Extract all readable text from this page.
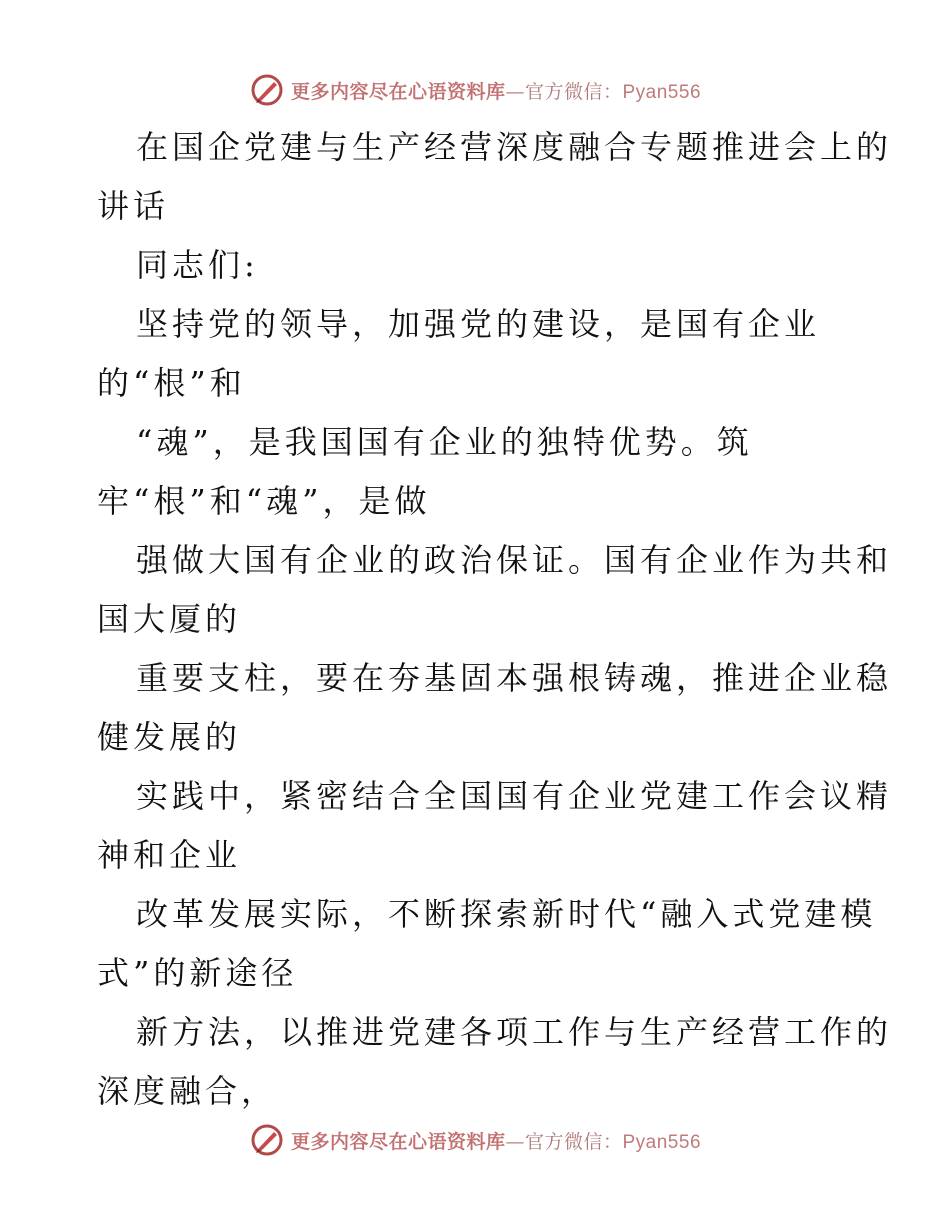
更多内容尽在心语资料库—官方微信：Pyan556
在国企党建与生产经营深度融合专题推进会上的
讲话
同志们:
坚持党的领导，加强党的建设，是国有企业
的“根”和
“魂”，是我国国有企业的独特优势。筑
牢“根”和“魂”，是做
强做大国有企业的政治保证。国有企业作为共和
国大厦的
重要支柱，要在夯基固本强根铸魂，推进企业稳
健发展的
实践中，紧密结合全国国有企业党建工作会议精
神和企业
改革发展实际，不断探索新时代“融入式党建模
式”的新途径
新方法，以推进党建各项工作与生产经营工作的
深度融合，
更多内容尽在心语资料库—官方微信：Pyan556
